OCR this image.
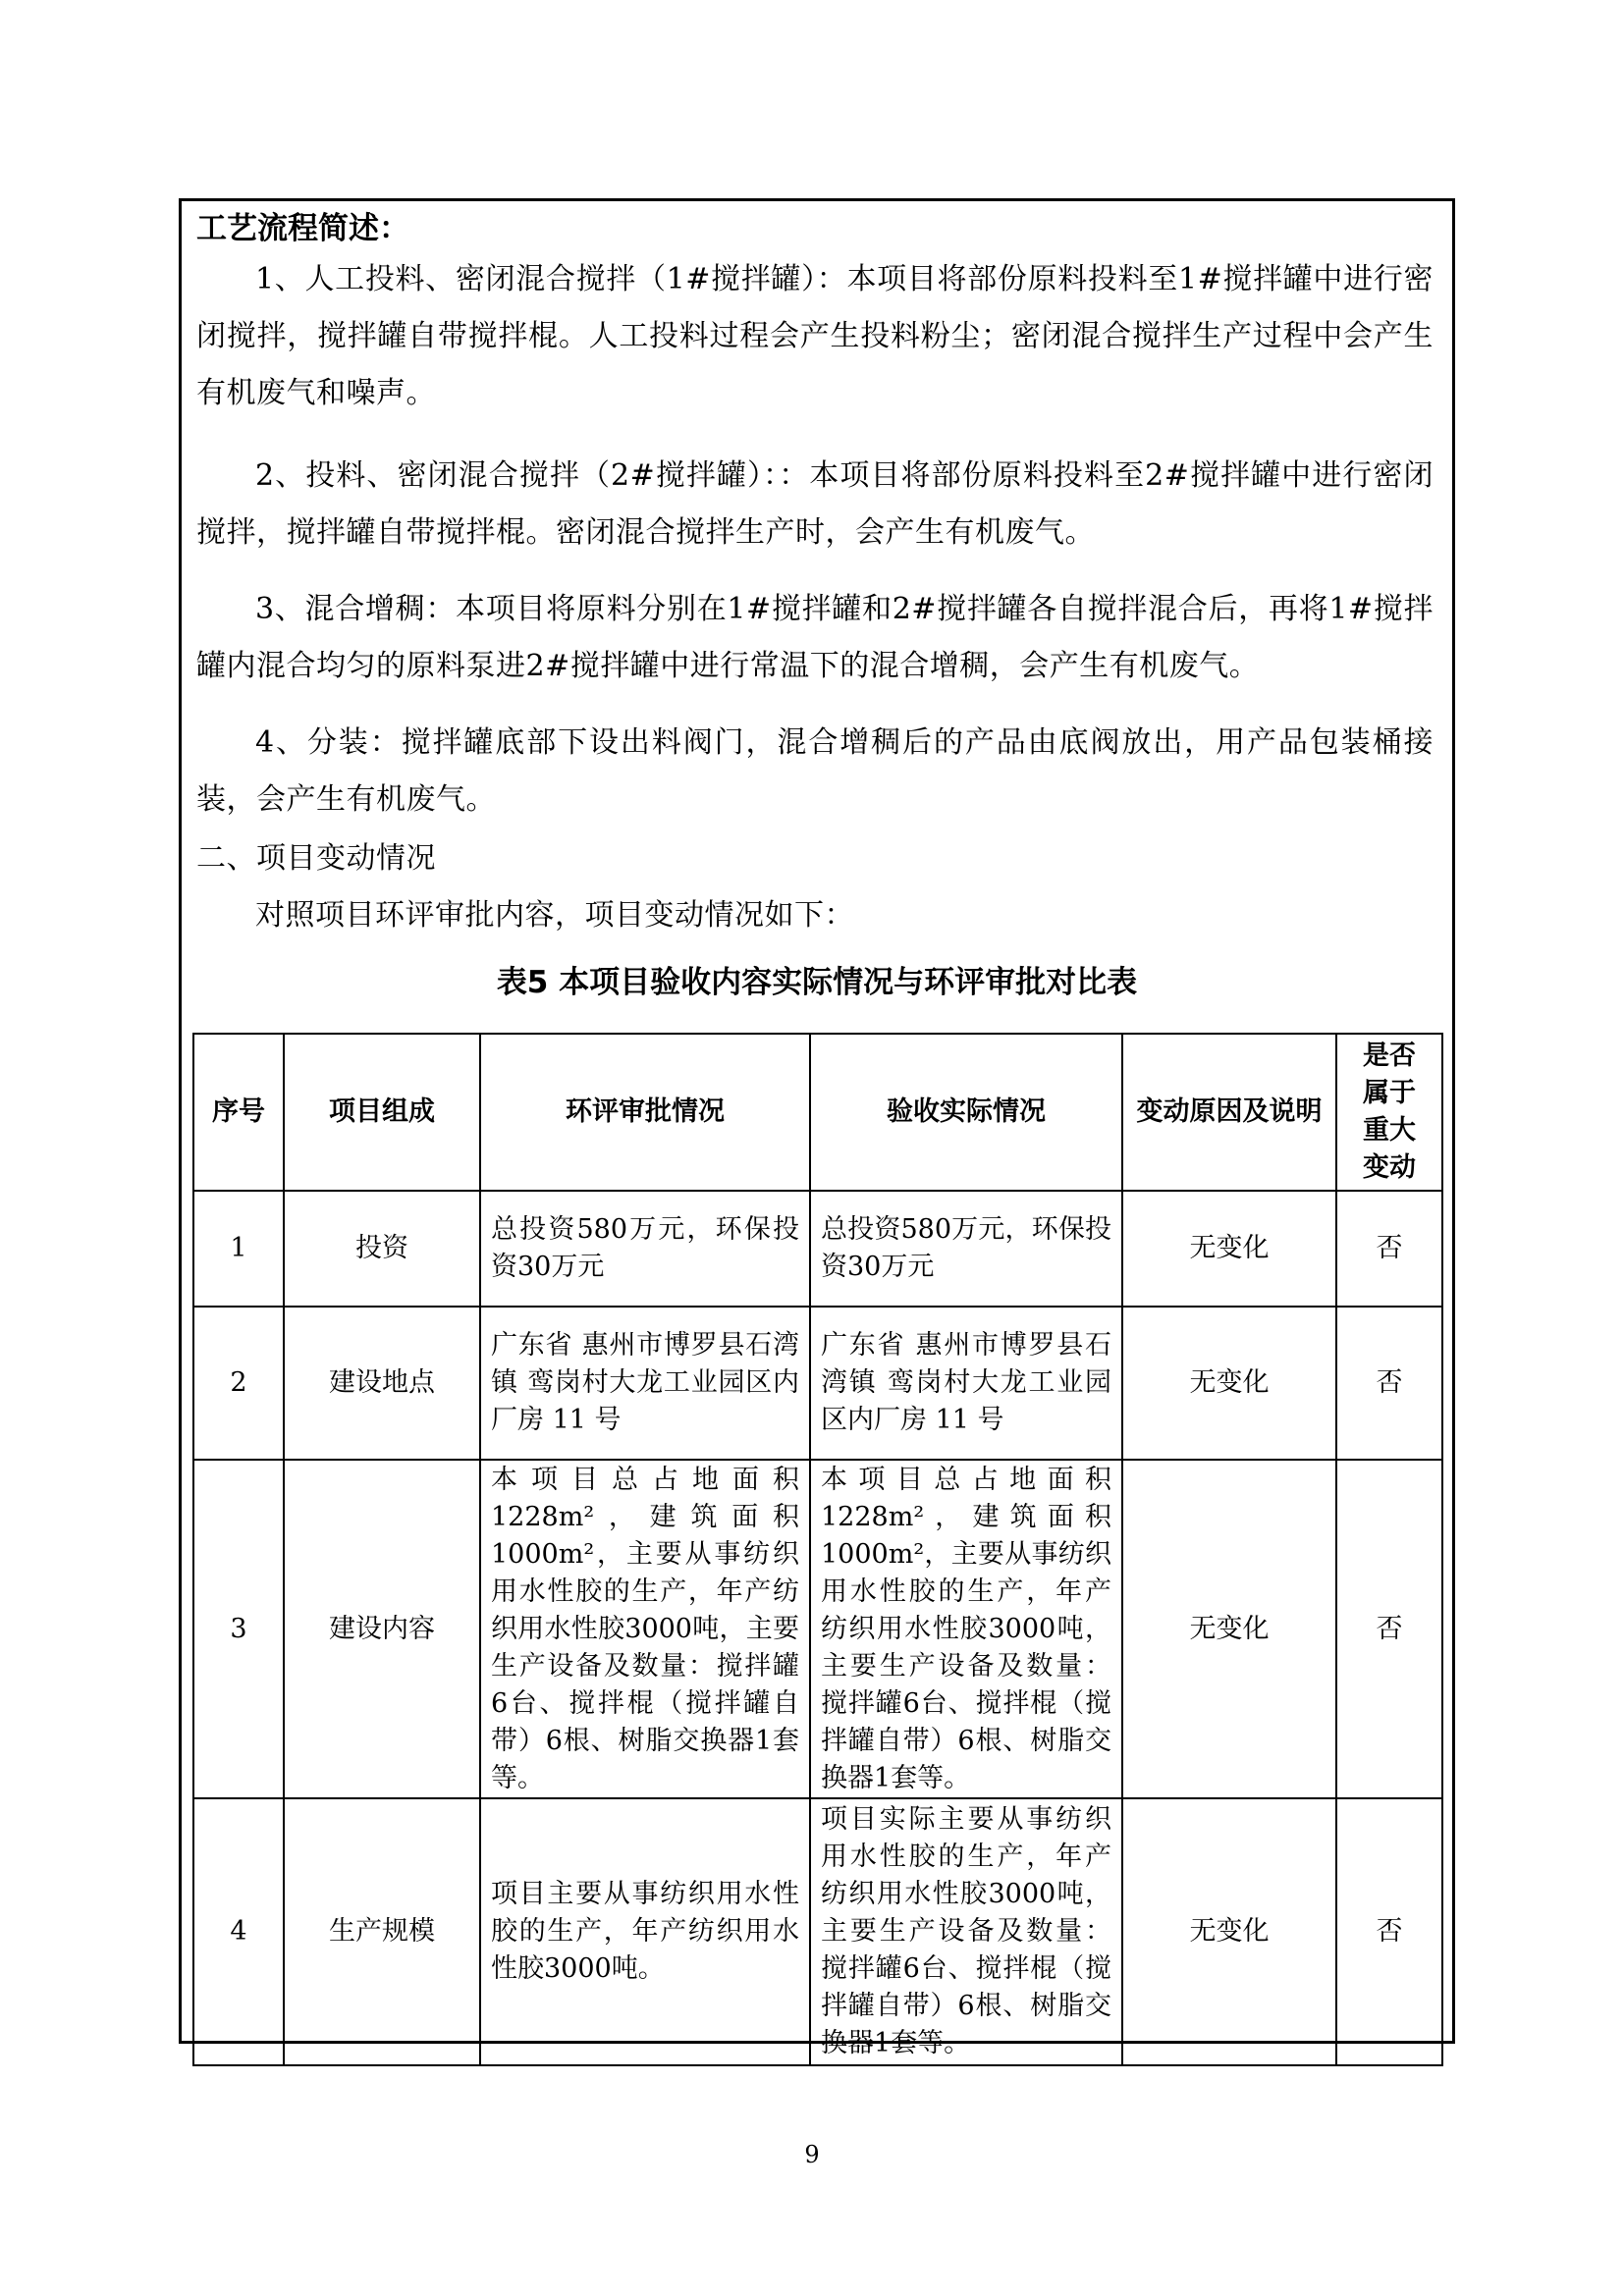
工艺流程简述：
1、人工投料、密闭混合搅拌（1#搅拌罐）：本项目将部份原料投料至1#搅拌罐中进行密闭搅拌，搅拌罐自带搅拌棍。人工投料过程会产生投料粉尘；密闭混合搅拌生产过程中会产生有机废气和噪声。
2、投料、密闭混合搅拌（2#搅拌罐）：：本项目将部份原料投料至2#搅拌罐中进行密闭搅拌，搅拌罐自带搅拌棍。密闭混合搅拌生产时，会产生有机废气。
3、混合增稠：本项目将原料分别在1#搅拌罐和2#搅拌罐各自搅拌混合后，再将1#搅拌罐内混合均匀的原料泵进2#搅拌罐中进行常温下的混合增稠，会产生有机废气。
4、分装：搅拌罐底部下设出料阀门，混合增稠后的产品由底阀放出，用产品包装桶接装，会产生有机废气。
二、项目变动情况
对照项目环评审批内容，项目变动情况如下：
表5 本项目验收内容实际情况与环评审批对比表
序号	项目组成	环评审批情况	验收实际情况	变动原因及说明	是否属于重大变动
1	投资	总投资580万元，环保投资30万元	总投资580万元，环保投资30万元	无变化	否
2	建设地点	广东省 惠州市博罗县石湾镇 鸾岗村大龙工业园区内厂房 11 号	广东省 惠州市博罗县石湾镇 鸾岗村大龙工业园区内厂房 11 号	无变化	否
3	建设内容	本项目总占地面积1228m²，建筑面积1000m²，主要从事纺织用水性胶的生产，年产纺织用水性胶3000吨，主要生产设备及数量：搅拌罐6台、搅拌棍（搅拌罐自带）6根、树脂交换器1套等。	本项目总占地面积1228m²，建筑面积1000m²，主要从事纺织用水性胶的生产，年产纺织用水性胶3000吨，主要生产设备及数量：搅拌罐6台、搅拌棍（搅拌罐自带）6根、树脂交换器1套等。	无变化	否
4	生产规模	项目主要从事纺织用水性胶的生产，年产纺织用水性胶3000吨。	项目实际主要从事纺织用水性胶的生产，年产纺织用水性胶3000吨，主要生产设备及数量：搅拌罐6台、搅拌棍（搅拌罐自带）6根、树脂交换器1套等。	无变化	否
9
